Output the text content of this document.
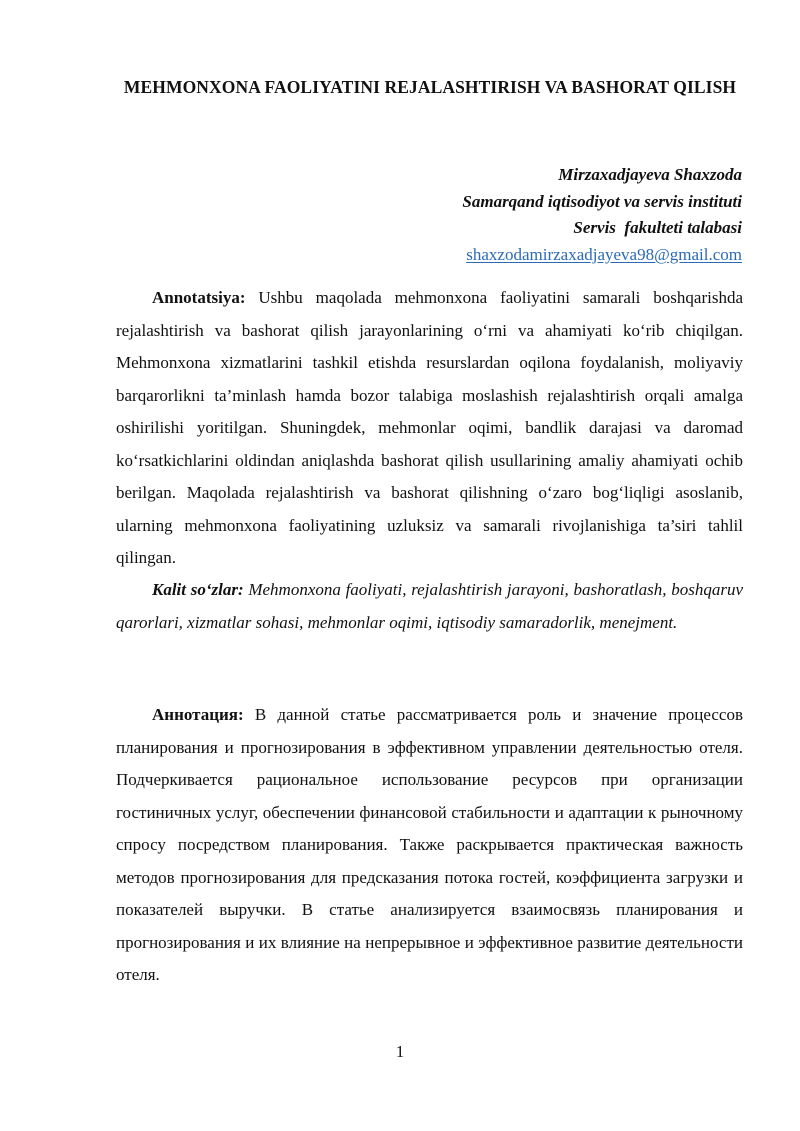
MEHMONXONA FAOLIYATINI REJALASHTIRISH VA BASHORAT QILISH
Mirzaxadjayeva Shaxzoda
Samarqand iqtisodiyot va servis instituti
Servis  fakulteti talabasi
shaxzodamirzaxadjayeva98@gmail.com

Annotatsiya: Ushbu maqolada mehmonxona faoliyatini samarali boshqarishda rejalashtirish va bashorat qilish jarayonlarining o‘rni va ahamiyati ko‘rib chiqilgan. Mehmonxona xizmatlarini tashkil etishda resurslardan oqilona foydalanish, moliyaviy barqarorlikni ta’minlash hamda bozor talabiga moslashish rejalashtirish orqali amalga oshirilishi yoritilgan. Shuningdek, mehmonlar oqimi, bandlik darajasi va daromad ko‘rsatkichlarini oldindan aniqlashda bashorat qilish usullarining amaliy ahamiyati ochib berilgan. Maqolada rejalashtirish va bashorat qilishning o‘zaro bog‘liqligi asoslanib, ularning mehmonxona faoliyatining uzluksiz va samarali rivojlanishiga ta’siri tahlil qilingan.

Kalit so‘zlar: Mehmonxona faoliyati, rejalashtirish jarayoni, bashoratlash, boshqaruv qarorlari, xizmatlar sohasi, mehmonlar oqimi, iqtisodiy samaradorlik, menejment.

Аннотация: В данной статье рассматривается роль и значение процессов планирования и прогнозирования в эффективном управлении деятельностью отеля. Подчеркивается рациональное использование ресурсов при организации гостиничных услуг, обеспечении финансовой стабильности и адаптации к рыночному спросу посредством планирования. Также раскрывается практическая важность методов прогнозирования для предсказания потока гостей, коэффициента загрузки и показателей выручки. В статье анализируется взаимосвязь планирования и прогнозирования и их влияние на непрерывное и эффективное развитие деятельности отеля.

1
